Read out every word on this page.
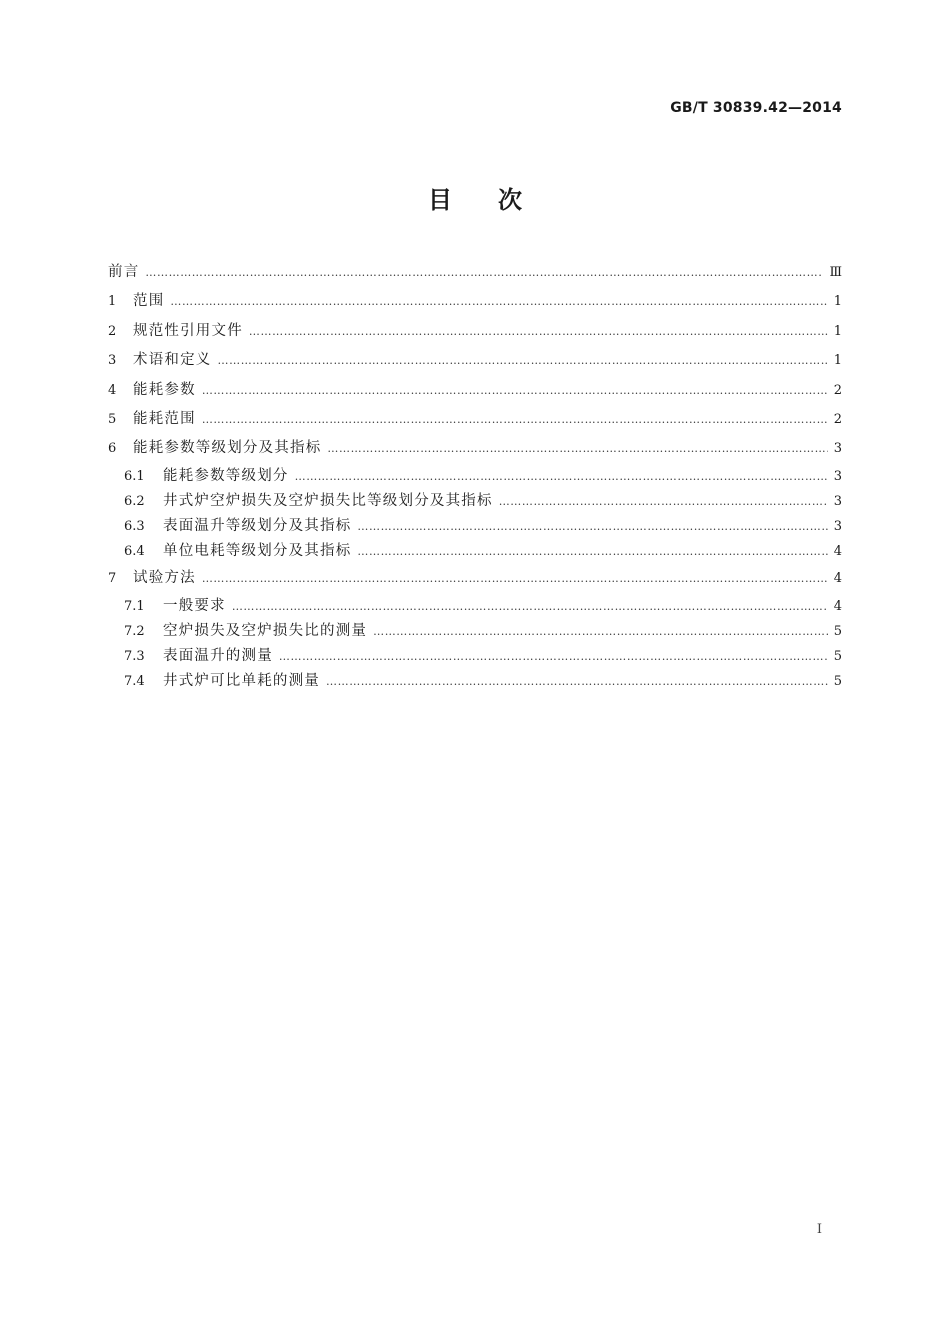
GB/T 30839.42—2014
目次
前言 …………………………………………………………………………………………………………………………………………………………………………………………………………………………………………	Ⅲ
1	范围 …………………………………………………………………………………………………………………………………………………………………………………………………………………………………………	1
2	规范性引用文件 …………………………………………………………………………………………………………………………………………………………………………………………………………………………………………	1
3	术语和定义 …………………………………………………………………………………………………………………………………………………………………………………………………………………………………………	1
4	能耗参数 …………………………………………………………………………………………………………………………………………………………………………………………………………………………………………	2
5	能耗范围 …………………………………………………………………………………………………………………………………………………………………………………………………………………………………………	2
6	能耗参数等级划分及其指标 …………………………………………………………………………………………………………………………………………………………………………………………………………………………………………	3
6.1	能耗参数等级划分 …………………………………………………………………………………………………………………………………………………………………………………………………………………………………………	3
6.2	井式炉空炉损失及空炉损失比等级划分及其指标 …………………………………………………………………………………………………………………………………………………………………………………………………………………………………………	3
6.3	表面温升等级划分及其指标 …………………………………………………………………………………………………………………………………………………………………………………………………………………………………………	3
6.4	单位电耗等级划分及其指标 …………………………………………………………………………………………………………………………………………………………………………………………………………………………………………	4
7	试验方法 …………………………………………………………………………………………………………………………………………………………………………………………………………………………………………	4
7.1	一般要求 …………………………………………………………………………………………………………………………………………………………………………………………………………………………………………	4
7.2	空炉损失及空炉损失比的测量 …………………………………………………………………………………………………………………………………………………………………………………………………………………………………………	5
7.3	表面温升的测量 …………………………………………………………………………………………………………………………………………………………………………………………………………………………………………	5
7.4	井式炉可比单耗的测量 …………………………………………………………………………………………………………………………………………………………………………………………………………………………………………	5
I
